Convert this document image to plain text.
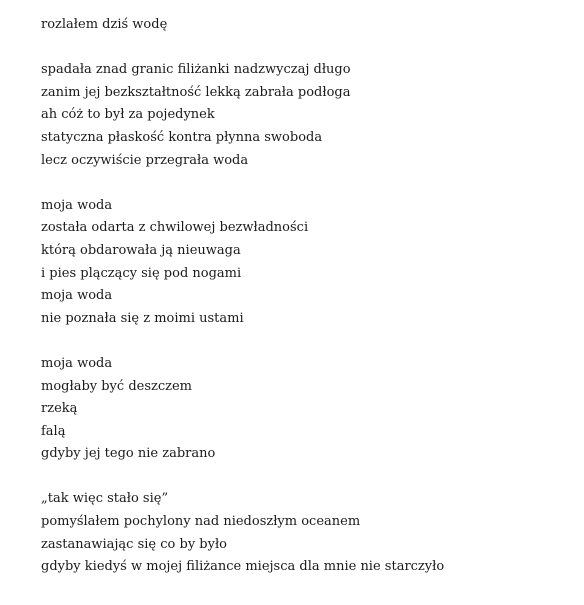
rozlałem dziś wodę
spadała znad granic filiżanki nadzwyczaj długo
zanim jej bezkształtność lekką zabrała podłoga
ah cóż to był za pojedynek
statyczna płaskość kontra płynna swoboda
lecz oczywiście przegrała woda
moja woda
została odarta z chwilowej bezwładności
którą obdarowała ją nieuwaga
i pies plączący się pod nogami
moja woda
nie poznała się z moimi ustami
moja woda
mogłaby być deszczem
rzeką
falą
gdyby jej tego nie zabrano
„tak więc stało się”
pomyślałem pochylony nad niedoszłym oceanem
zastanawiając się co by było
gdyby kiedyś w mojej filiżance miejsca dla mnie nie starczyło
